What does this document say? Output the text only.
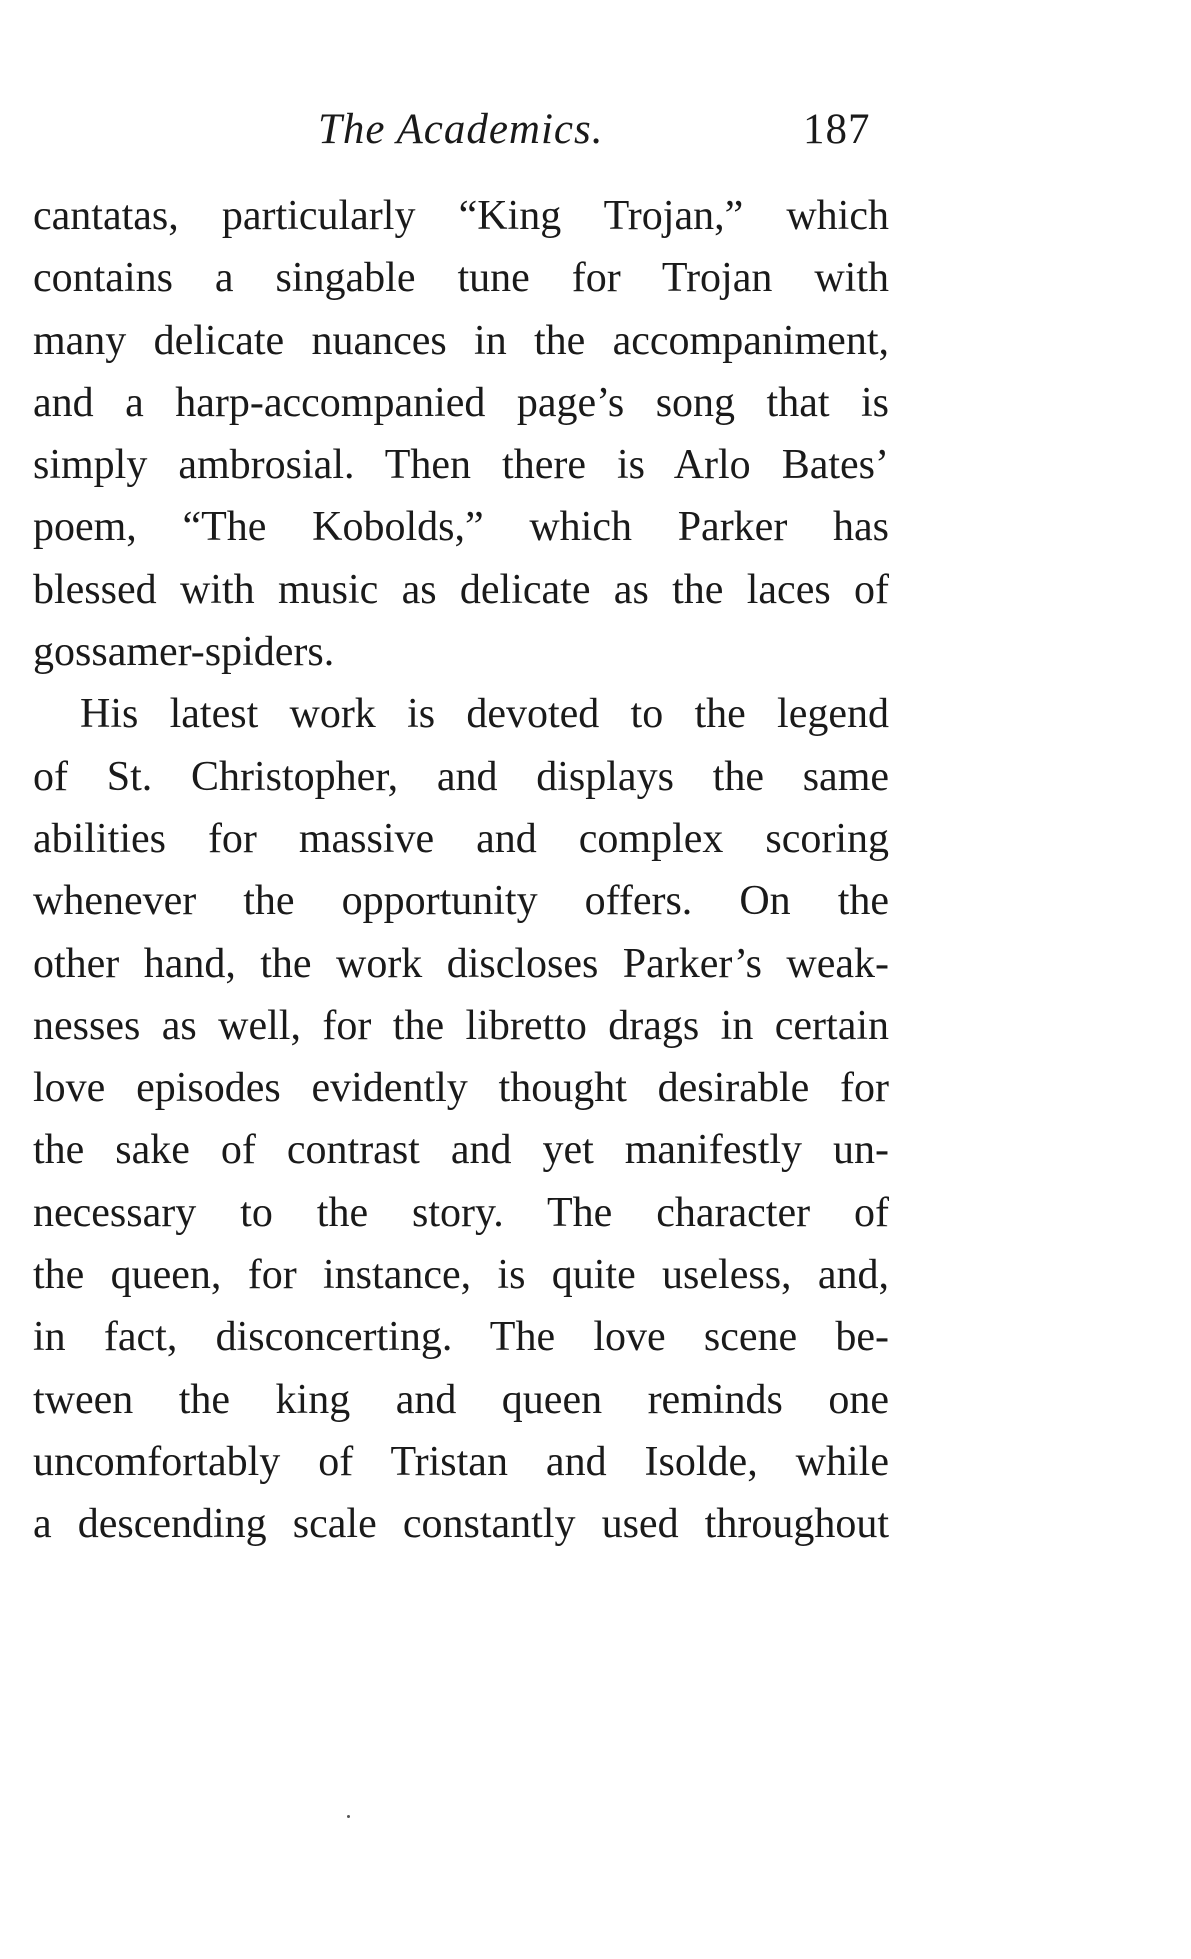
The Academics.	187
cantatas, particularly “King Trojan,” which
contains a singable tune for Trojan with
many delicate nuances in the accompaniment,
and a harp-accompanied page’s song that is
simply ambrosial. Then there is Arlo Bates’
poem, “The Kobolds,” which Parker has
blessed with music as delicate as the laces of
gossamer-spiders.
His latest work is devoted to the legend
of St. Christopher, and displays the same
abilities for massive and complex scoring
whenever the opportunity offers. On the
other hand, the work discloses Parker’s weak-
nesses as well, for the libretto drags in certain
love episodes evidently thought desirable for
the sake of contrast and yet manifestly un-
necessary to the story. The character of
the queen, for instance, is quite useless, and,
in fact, disconcerting. The love scene be-
tween the king and queen reminds one
uncomfortably of Tristan and Isolde, while
a descending scale constantly used throughout
